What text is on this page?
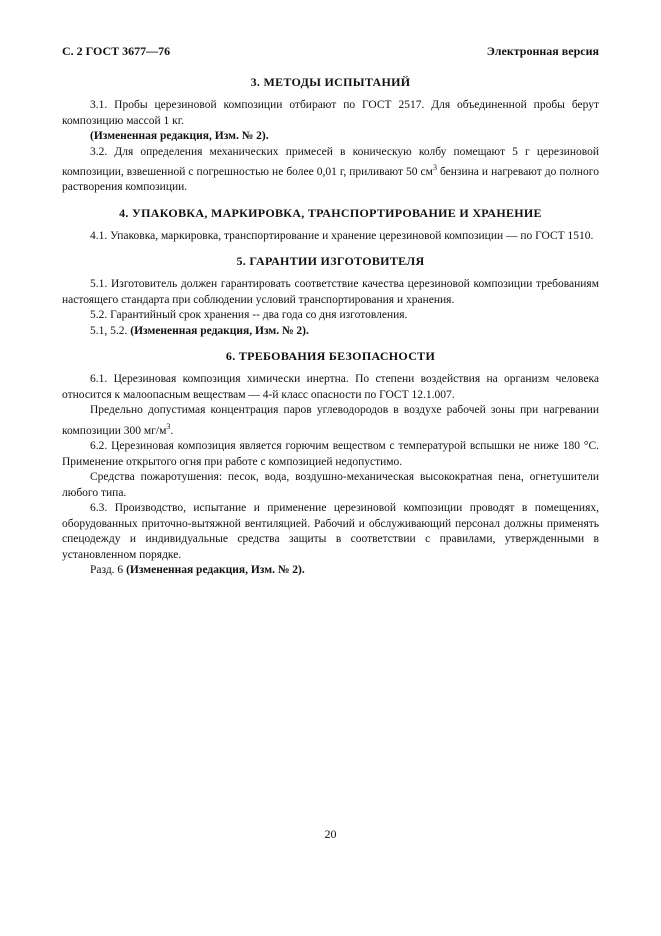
С. 2 ГОСТ 3677—76	Электронная версия
3. МЕТОДЫ ИСПЫТАНИЙ

3.1. Пробы церезиновой композиции отбирают по ГОСТ 2517. Для объединенной пробы берут композицию массой 1 кг.

(Измененная редакция, Изм. № 2).

3.2. Для определения механических примесей в коническую колбу помещают 5 г церезиновой композиции, взвешенной с погрешностью не более 0,01 г, приливают 50 $см^3$ бензина и нагревают до полного растворения композиции.

4. УПАКОВКА, МАРКИРОВКА, ТРАНСПОРТИРОВАНИЕ И ХРАНЕНИЕ

4.1. Упаковка, маркировка, транспортирование и хранение церезиновой композиции — по ГОСТ 1510.

5. ГАРАНТИИ ИЗГОТОВИТЕЛЯ

5.1. Изготовитель должен гарантировать соответствие качества церезиновой композиции требованиям настоящего стандарта при соблюдении условий транспортирования и хранения.

5.2. Гарантийный срок хранения -- два года со дня изготовления.

5.1, 5.2. (Измененная редакция, Изм. № 2).

6. ТРЕБОВАНИЯ БЕЗОПАСНОСТИ

6.1. Церезиновая композиция химически инертна. По степени воздействия на организм человека относится к малоопасным веществам — 4-й класс опасности по ГОСТ 12.1.007.

Предельно допустимая концентрация паров углеводородов в воздухе рабочей зоны при нагревании композиции 300 $мг/м^3$.

6.2. Церезиновая композиция является горючим веществом с температурой вспышки не ниже 180 °С. Применение открытого огня при работе с композицией недопустимо.

Средства пожаротушения: песок, вода, воздушно-механическая высокократная пена, огнетушители любого типа.

6.3. Производство, испытание и применение церезиновой композиции проводят в помещениях, оборудованных приточно-вытяжной вентиляцией. Рабочий и обслуживающий персонал должны применять спецодежду и индивидуальные средства защиты в соответствии с правилами, утвержденными в установленном порядке.

Разд. 6 (Измененная редакция, Изм. № 2).

20
